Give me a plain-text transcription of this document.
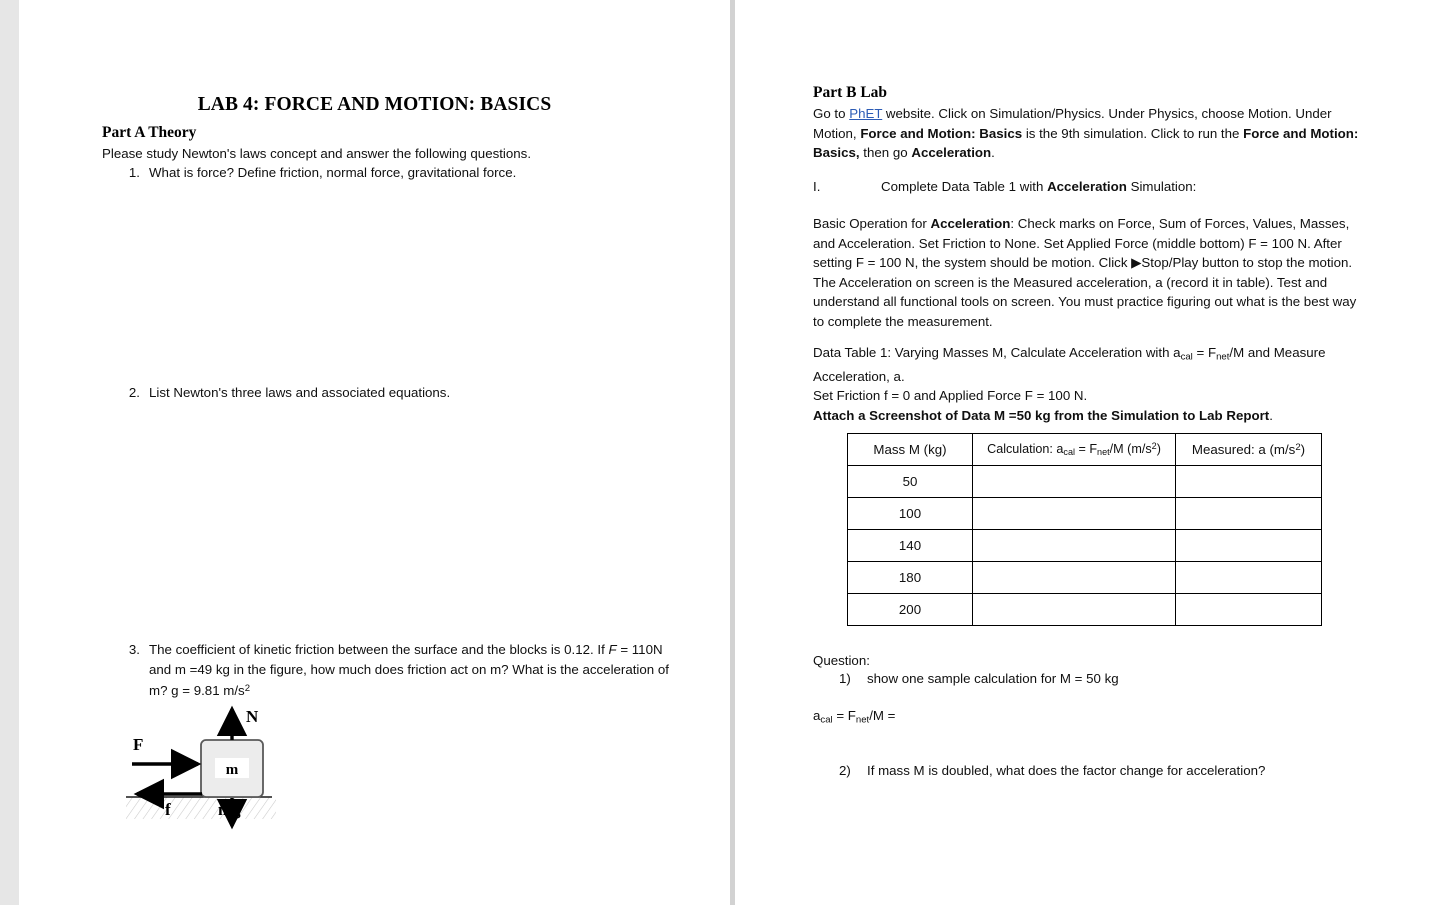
LAB 4: FORCE AND MOTION: BASICS
Part A Theory
Please study Newton's laws concept and answer the following questions.
1. What is force? Define friction, normal force, gravitational force.
2. List Newton's three laws and associated equations.
3. The coefficient of kinetic friction between the surface and the blocks is 0.12. If F = 110N and m =49 kg in the figure, how much does friction act on m? What is the acceleration of m? g = 9.81 $m/s^2$
m
N
F
f	mg
Part B Lab
Go to PhET website. Click on Simulation/Physics. Under Physics, choose Motion. Under Motion, Force and Motion: Basics is the 9th simulation. Click to run the Force and Motion: Basics, then go Acceleration.
I.	Complete Data Table 1 with Acceleration Simulation:
Basic Operation for Acceleration: Check marks on Force, Sum of Forces, Values, Masses, and Acceleration. Set Friction to None. Set Applied Force (middle bottom) F = 100 N. After setting F = 100 N, the system should be motion. Click ▶Stop/Play button to stop the motion. The Acceleration on screen is the Measured acceleration, a (record it in table). Test and understand all functional tools on screen. You must practice figuring out what is the best way to complete the measurement.
Data Table 1: Varying Masses M, Calculate Acceleration with $a_{cal} = F_{net}/M$ and Measure Acceleration, a.
Set Friction f = 0 and Applied Force F = 100 N.
Attach a Screenshot of Data M =50 kg from the Simulation to Lab Report.
Mass M (kg)	Calculation: $a_{cal} = F_{net}/M$ $(m/s^2)$	Measured: a $(m/s^2)$
50		
100		
140		
180		
200		
Question:
1)	show one sample calculation for M = 50 kg
$a_{cal} = F_{net}/M$ =
2)	If mass M is doubled, what does the factor change for acceleration?
